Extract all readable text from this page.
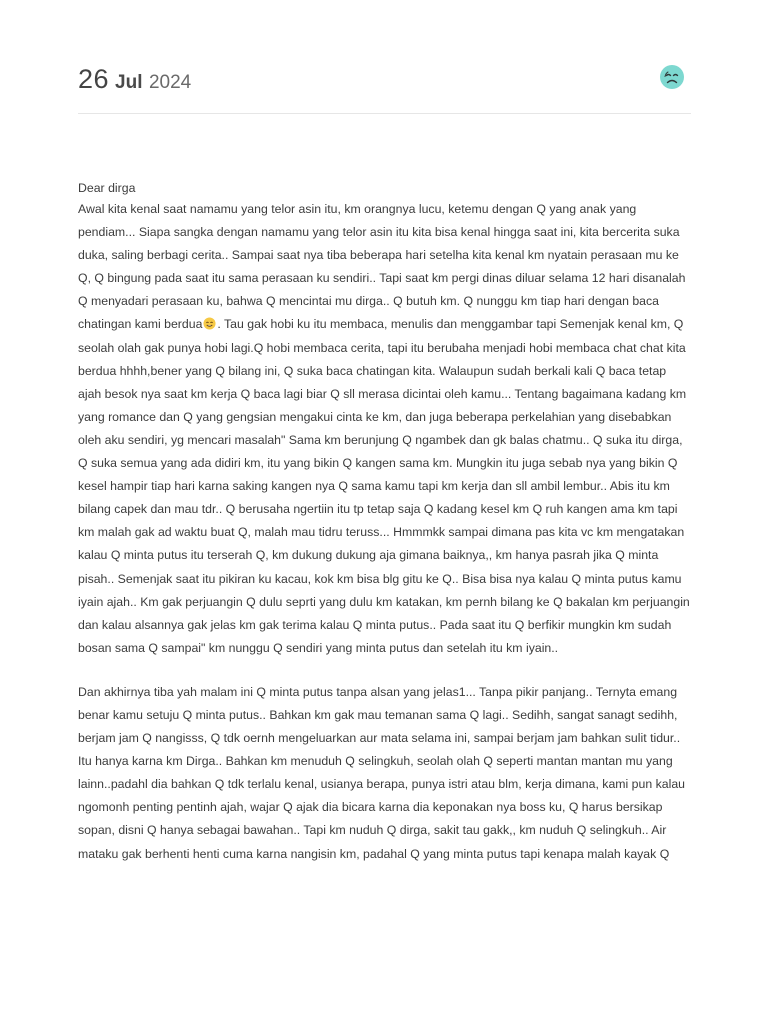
26 Jul 2024

Dear dirga

Awal kita kenal saat namamu yang telor asin itu, km orangnya lucu, ketemu dengan Q yang anak yang pendiam... Siapa sangka dengan namamu yang telor asin itu kita bisa kenal hingga saat ini, kita bercerita suka duka, saling berbagi cerita.. Sampai saat nya tiba beberapa hari setelha kita kenal km nyatain perasaan mu ke Q, Q bingung pada saat itu sama perasaan ku sendiri.. Tapi saat km pergi dinas diluar selama 12 hari disanalah Q menyadari perasaan ku, bahwa Q mencintai mu dirga.. Q butuh km. Q nunggu km tiap hari dengan baca chatingan kami berdua . Tau gak hobi ku itu membaca, menulis dan menggambar tapi Semenjak kenal km, Q seolah olah gak punya hobi lagi.Q hobi membaca cerita, tapi itu berubaha menjadi hobi membaca chat chat kita berdua hhhh,bener yang Q bilang ini, Q suka baca chatingan kita. Walaupun sudah berkali kali Q baca tetap ajah besok nya saat km kerja Q baca lagi biar Q sll merasa dicintai oleh kamu... Tentang bagaimana kadang km yang romance dan Q yang gengsian mengakui cinta ke km, dan juga beberapa perkelahian yang disebabkan oleh aku sendiri, yg mencari masalah" Sama km berunjung Q ngambek dan gk balas chatmu.. Q suka itu dirga, Q suka semua yang ada didiri km, itu yang bikin Q kangen sama km. Mungkin itu juga sebab nya yang bikin Q kesel hampir tiap hari karna saking kangen nya Q sama kamu tapi km kerja dan sll ambil lembur.. Abis itu km bilang capek dan mau tdr.. Q berusaha ngertiin itu tp tetap saja Q kadang kesel km Q ruh kangen ama km tapi km malah gak ad waktu buat Q, malah mau tidru teruss... Hmmmkk sampai dimana pas kita vc km mengatakan kalau Q minta putus itu terserah Q, km dukung dukung aja gimana baiknya,, km hanya pasrah jika Q minta pisah.. Semenjak saat itu pikiran ku kacau, kok km bisa blg gitu ke Q.. Bisa bisa nya kalau Q minta putus kamu iyain ajah.. Km gak perjuangin Q dulu seprti yang dulu km katakan, km pernh bilang ke Q bakalan km perjuangin dan kalau alsannya gak jelas km gak terima kalau Q minta putus.. Pada saat itu Q berfikir mungkin km sudah bosan sama Q sampai" km nunggu Q sendiri yang minta putus dan setelah itu km iyain..

Dan akhirnya tiba yah malam ini Q minta putus tanpa alsan yang jelas1... Tanpa pikir panjang.. Ternyta emang benar kamu setuju Q minta putus.. Bahkan km gak mau temanan sama Q lagi.. Sedihh, sangat sanagt sedihh, berjam jam Q nangisss, Q tdk oernh mengeluarkan aur mata selama ini, sampai berjam jam bahkan sulit tidur.. Itu hanya karna km Dirga.. Bahkan km menuduh Q selingkuh, seolah olah Q seperti mantan mantan mu yang lainn..padahl dia bahkan Q tdk terlalu kenal, usianya berapa, punya istri atau blm, kerja dimana, kami pun kalau ngomonh penting pentinh ajah, wajar Q ajak dia bicara karna dia keponakan nya boss ku, Q harus bersikap sopan, disni Q hanya sebagai bawahan.. Tapi km nuduh Q dirga, sakit tau gakk,, km nuduh Q selingkuh.. Air mataku gak berhenti henti cuma karna nangisin km, padahal Q yang minta putus tapi kenapa malah kayak Q
